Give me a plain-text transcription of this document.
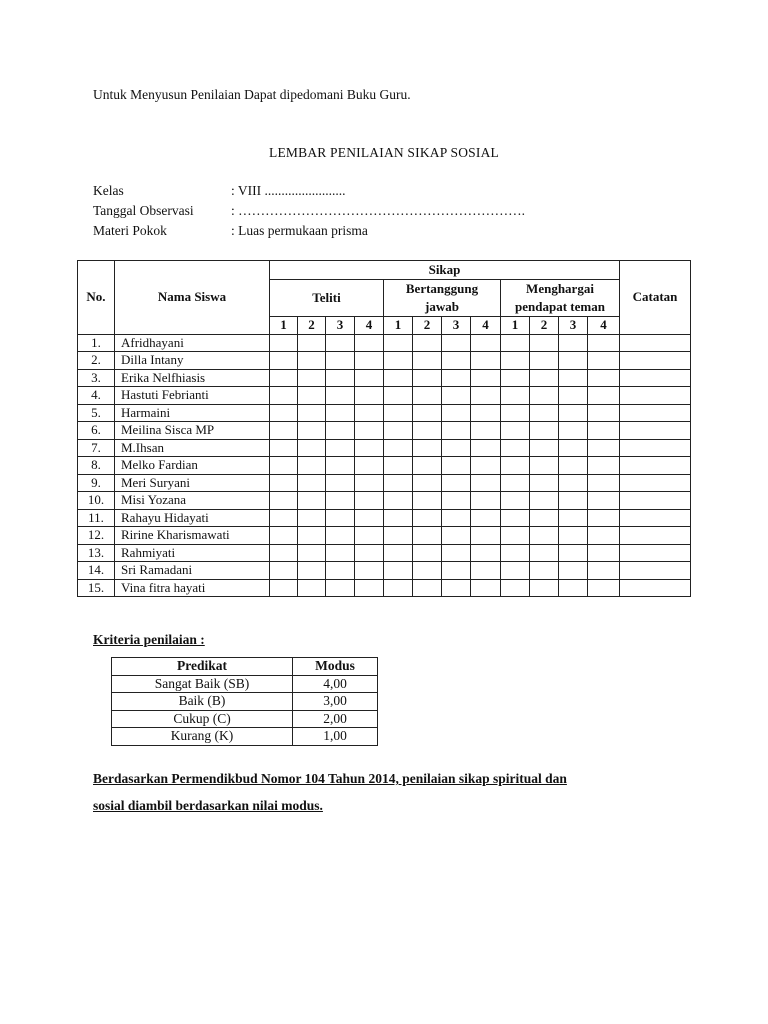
Untuk Menyusun Penilaian Dapat dipedomani Buku Guru.
LEMBAR PENILAIAN SIKAP SOSIAL
Kelas	: VIII ........................
Tanggal Observasi	: ……………………………………………………….
Materi Pokok	: Luas permukaan prisma
No.	Nama Siswa	Sikap												Catatan
		Teliti				Bertanggung jawab				Menghargai pendapat teman				
		1	2	3	4	1	2	3	4	1	2	3	4	
1.	Afridhayani													
2.	Dilla Intany													
3.	Erika Nelfhiasis													
4.	Hastuti Febrianti													
5.	Harmaini													
6.	Meilina Sisca MP													
7.	M.Ihsan													
8.	Melko Fardian													
9.	Meri Suryani													
10.	Misi Yozana													
11.	Rahayu Hidayati													
12.	Ririne Kharismawati													
13.	Rahmiyati													
14.	Sri Ramadani													
15.	Vina fitra hayati													
Kriteria penilaian :
Predikat	Modus
Sangat Baik (SB)	4,00
Baik (B)	3,00
Cukup (C)	2,00
Kurang (K)	1,00
Berdasarkan Permendikbud Nomor 104 Tahun 2014, penilaian sikap spiritual dan
sosial diambil berdasarkan nilai modus.
